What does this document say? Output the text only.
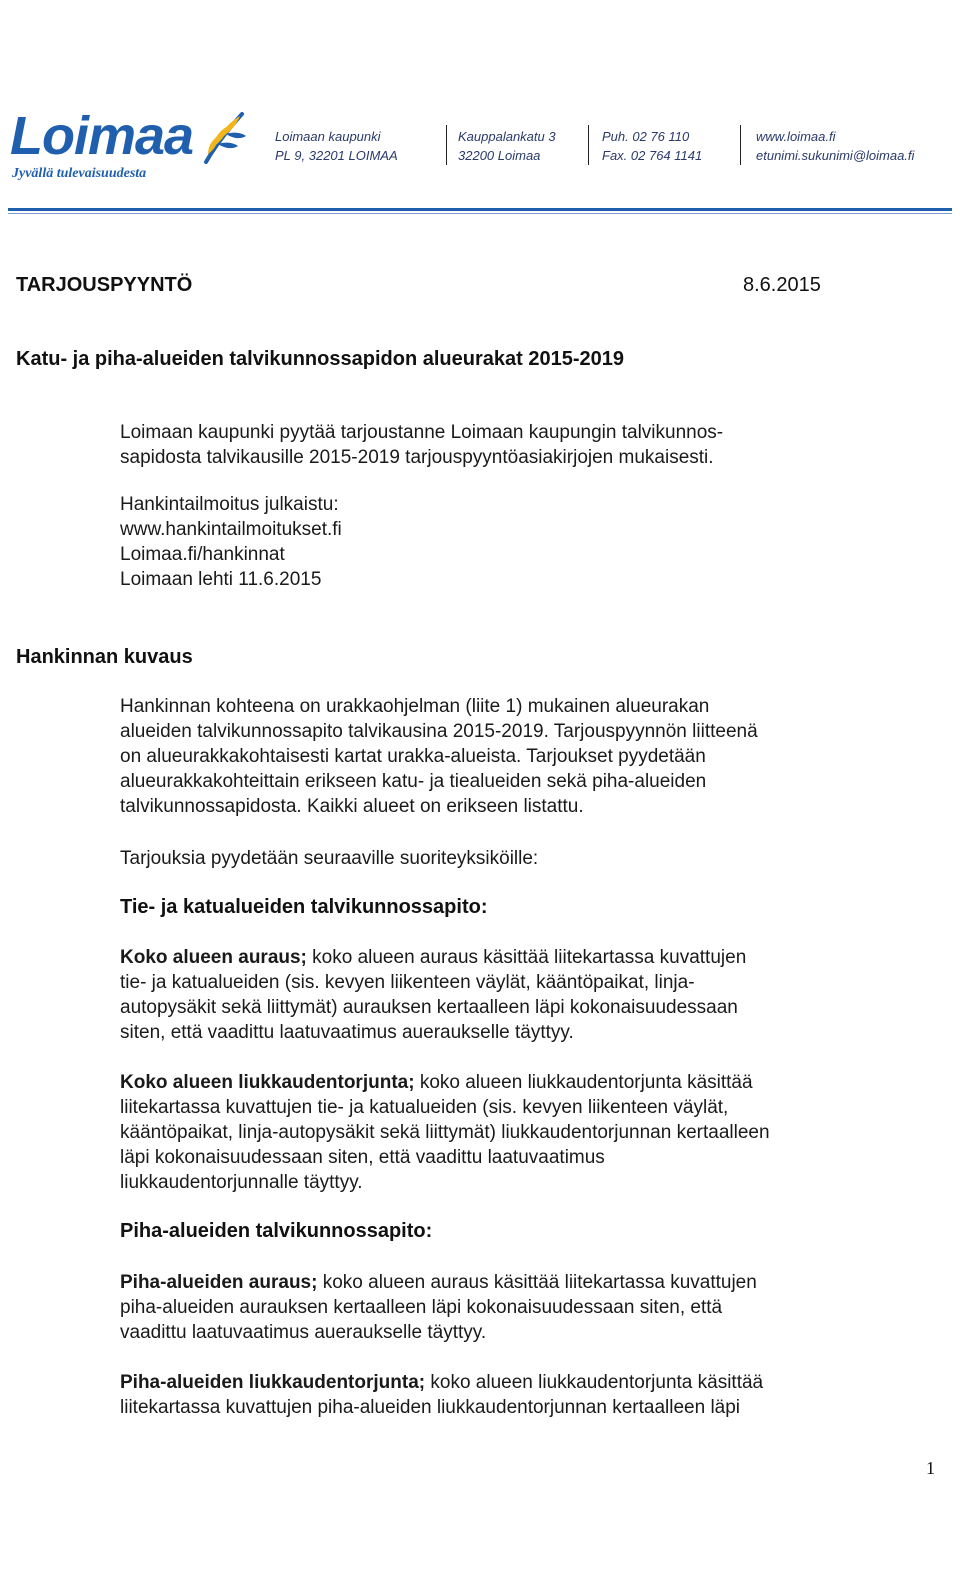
Loimaa
Jyvällä tulevaisuudesta
Loimaan kaupunki
PL 9, 32201 LOIMAA
Kauppalankatu 3
32200 Loimaa
Puh. 02 76 110
Fax. 02 764 1141
www.loimaa.fi
etunimi.sukunimi@loimaa.fi
TARJOUSPYYNTÖ	8.6.2015
Katu- ja piha-alueiden talvikunnossapidon alueurakat 2015-2019
Loimaan kaupunki pyytää tarjoustanne Loimaan kaupungin talvikunnos-
sapidosta talvikausille 2015-2019 tarjouspyyntöasiakirjojen mukaisesti.
Hankintailmoitus julkaistu:
www.hankintailmoitukset.fi
Loimaa.fi/hankinnat
Loimaan lehti 11.6.2015
Hankinnan kuvaus
Hankinnan kohteena on urakkaohjelman (liite 1) mukainen alueurakan
alueiden talvikunnossapito talvikausina 2015-2019. Tarjouspyynnön liitteenä
on alueurakkakohtaisesti kartat urakka-alueista. Tarjoukset pyydetään
alueurakkakohteittain erikseen katu- ja tiealueiden sekä piha-alueiden
talvikunnossapidosta. Kaikki alueet on erikseen listattu.
Tarjouksia pyydetään seuraaville suoriteyksiköille:
Tie- ja katualueiden talvikunnossapito:
Koko alueen auraus; koko alueen auraus käsittää liitekartassa kuvattujen
tie- ja katualueiden (sis. kevyen liikenteen väylät, kääntöpaikat, linja-
autopysäkit sekä liittymät) aurauksen kertaalleen läpi kokonaisuudessaan
siten, että vaadittu laatuvaatimus aueraukselle täyttyy.
Koko alueen liukkaudentorjunta; koko alueen liukkaudentorjunta käsittää
liitekartassa kuvattujen tie- ja katualueiden (sis. kevyen liikenteen väylät,
kääntöpaikat, linja-autopysäkit sekä liittymät) liukkaudentorjunnan kertaalleen
läpi kokonaisuudessaan siten, että vaadittu laatuvaatimus
liukkaudentorjunnalle täyttyy.
Piha-alueiden talvikunnossapito:
Piha-alueiden auraus; koko alueen auraus käsittää liitekartassa kuvattujen
piha-alueiden aurauksen kertaalleen läpi kokonaisuudessaan siten, että
vaadittu laatuvaatimus aueraukselle täyttyy.
Piha-alueiden liukkaudentorjunta; koko alueen liukkaudentorjunta käsittää
liitekartassa kuvattujen piha-alueiden liukkaudentorjunnan kertaalleen läpi
1
